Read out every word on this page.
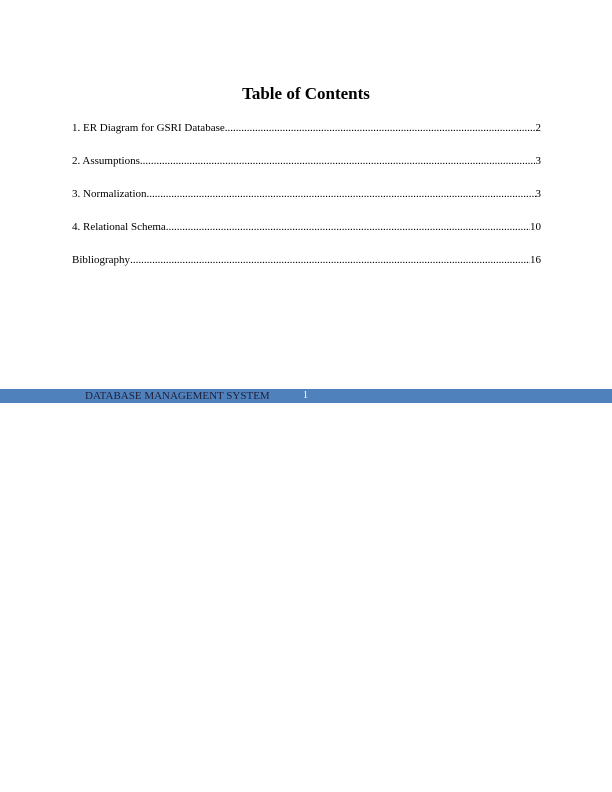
Table of Contents
1. ER Diagram for GSRI Database .....	2
2. Assumptions .....	3
3. Normalization .....	3
4. Relational Schema .....	10
Bibliography .....	16
DATABASE MANAGEMENT SYSTEM	1
